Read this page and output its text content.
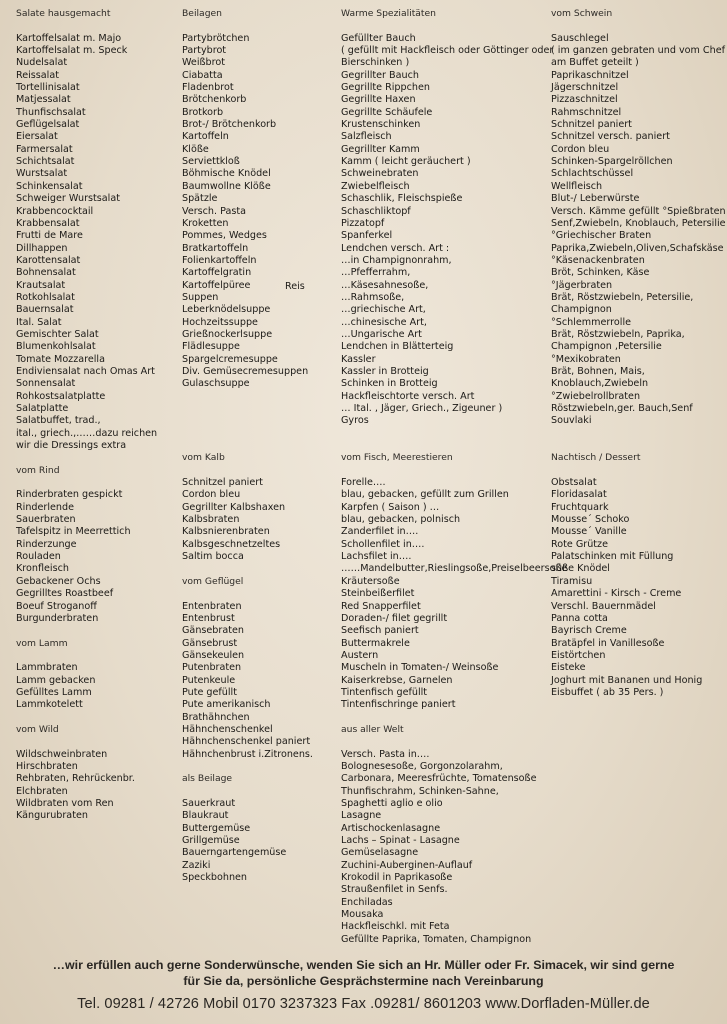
Salate hausgemacht
Kartoffelsalat m. Majo
Kartoffelsalat m. Speck
Nudelsalat
Reissalat
Tortellinisalat
Matjessalat
Thunfischsalat
Geflügelsalat
Eiersalat
Farmersalat
Schichtsalat
Wurstsalat
Schinkensalat
Schweiger Wurstsalat
Krabbencocktail
Krabbensalat
Frutti de Mare
Dillhappen
Karottensalat
Bohnensalat
Krautsalat
Rotkohlsalat
Bauernsalat
Ital. Salat
Gemischter Salat
Blumenkohlsalat
Tomate Mozzarella
Endiviensalat nach Omas Art
Sonnensalat
Rohkostsalatplatte
Salatplatte
Salatbuffet, trad.,
ital., griech.,……dazu reichen
wir die Dressings extra
vom Rind
Rinderbraten gespickt
Rinderlende
Sauerbraten
Tafelspitz in Meerrettich
Rinderzunge
Rouladen
Kronfleisch
Gebackener Ochs
Gegrilltes Roastbeef
Boeuf Stroganoff
Burgunderbraten
vom Lamm
Lammbraten
Lamm gebacken
Gefülltes Lamm
Lammkotelett
vom Wild
Wildschweinbraten
Hirschbraten
Rehbraten, Rehrückenbr.
Elchbraten
Wildbraten vom Ren
Kängurubraten
Beilagen
Partybrötchen
Partybrot
Weißbrot
Ciabatta
Fladenbrot
Brötchenkorb
Brotkorb
Brot-/ Brötchenkorb
Kartoffeln
Klöße
Serviettkloß
Böhmische Knödel
Baumwollne Klöße
Spätzle
Versch. Pasta
Kroketten
Pommes, Wedges
Bratkartoffeln
Folienkartoffeln
Kartoffelgratin
Kartoffelpüree
Suppen
Leberknödelsuppe
Hochzeitssuppe
Grießnockerlsuppe
Flädlesuppe
Spargelcremesuppe
Div. Gemüsecremesuppen
Gulaschsuppe
vom Kalb
Schnitzel paniert
Cordon bleu
Gegrillter Kalbshaxen
Kalbsbraten
Kalbsnierenbraten
Kalbsgeschnetzeltes
Saltim bocca
vom Geflügel
Entenbraten
Entenbrust
Gänsebraten
Gänsebrust
Gänsekeulen
Putenbraten
Putenkeule
Pute gefüllt
Pute amerikanisch
Brathähnchen
Hähnchenschenkel
Hähnchenschenkel paniert
Hähnchenbrust i.Zitronens.
als Beilage
Sauerkraut
Blaukraut
Buttergemüse
Grillgemüse
Bauerngartengemüse
Zaziki
Speckbohnen
Reis
Warme Spezialitäten
Gefüllter Bauch
( gefüllt mit Hackfleisch oder Göttinger oder
Bierschinken )
Gegrillter Bauch
Gegrillte Rippchen
Gegrillte Haxen
Gegrillte Schäufele
Krustenschinken
Salzfleisch
Gegrillter Kamm
Kamm ( leicht geräuchert )
Schweinebraten
Zwiebelfleisch
Schaschlik, Fleischspieße
Schaschliktopf
Pizzatopf
Spanferkel
Lendchen versch. Art :
…in Champignonrahm,
…Pfefferrahm,
…Käsesahnesoße,
…Rahmsoße,
…griechische Art,
…chinesische Art,
…Ungarische Art
Lendchen in Blätterteig
Kassler
Kassler in Brotteig
Schinken in Brotteig
Hackfleischtorte versch. Art
… Ital. , Jäger, Griech., Zigeuner )
Gyros
vom Fisch, Meerestieren
Forelle….
blau, gebacken, gefüllt zum Grillen
Karpfen ( Saison ) …
blau, gebacken, polnisch
Zanderfilet in….
Schollenfilet in….
Lachsfilet in….
……Mandelbutter,Rieslingsoße,Preiselbeersoße
Kräutersoße
Steinbeißerfilet
Red Snapperfilet
Doraden-/ filet gegrillt
Seefisch paniert
Buttermakrele
Austern
Muscheln in Tomaten-/ Weinsoße
Kaiserkrebse, Garnelen
Tintenfisch gefüllt
Tintenfischringe paniert
aus aller Welt
Versch. Pasta in….
Bolognesesoße, Gorgonzolarahm,
Carbonara, Meeresfrüchte, Tomatensoße
Thunfischrahm, Schinken-Sahne,
Spaghetti aglio e olio
Lasagne
Artischockenlasagne
Lachs – Spinat - Lasagne
Gemüselasagne
Zuchini-Auberginen-Auflauf
Krokodil in Paprikasoße
Straußenfilet in Senfs.
Enchiladas
Mousaka
Hackfleischkl. mit Feta
Gefüllte Paprika, Tomaten, Champignon
vom Schwein
Sauschlegel
( im ganzen gebraten und vom Chef
am Buffet geteilt )
Paprikaschnitzel
Jägerschnitzel
Pizzaschnitzel
Rahmschnitzel
Schnitzel paniert
Schnitzel versch. paniert
Cordon bleu
Schinken-Spargelröllchen
Schlachtschüssel
Wellfleisch
Blut-/ Leberwürste
Versch. Kämme gefüllt °Spießbraten
Senf,Zwiebeln, Knoblauch, Petersilie
°Griechischer Braten
Paprika,Zwiebeln,Oliven,Schafskäse
°Käsenackenbraten
Bröt, Schinken, Käse
°Jägerbraten
Brät, Röstzwiebeln, Petersilie,
Champignon
°Schlemmerrolle
Brät, Röstzwiebeln, Paprika,
Champignon ,Petersilie
°Mexikobraten
Brät, Bohnen, Mais,
Knoblauch,Zwiebeln
°Zwiebelrollbraten
Röstzwiebeln,ger. Bauch,Senf
Souvlaki
Nachtisch / Dessert
Obstsalat
Floridasalat
Fruchtquark
Mousse´ Schoko
Mousse´ Vanille
Rote Grütze
Palatschinken mit Füllung
süße Knödel
Tiramisu
Amarettini - Kirsch - Creme
Verschl. Bauernmädel
Panna cotta
Bayrisch Creme
Bratäpfel in Vanillesoße
Eistörtchen
Eisteke
Joghurt mit Bananen und Honig
Eisbuffet ( ab 35 Pers. )
…wir erfüllen auch gerne Sonderwünsche, wenden Sie sich an Hr. Müller oder Fr. Simacek, wir sind gerne
für Sie da, persönliche Gesprächstermine nach Vereinbarung
Tel. 09281 / 42726 Mobil 0170 3237323 Fax .09281/ 8601203 www.Dorfladen-Müller.de
